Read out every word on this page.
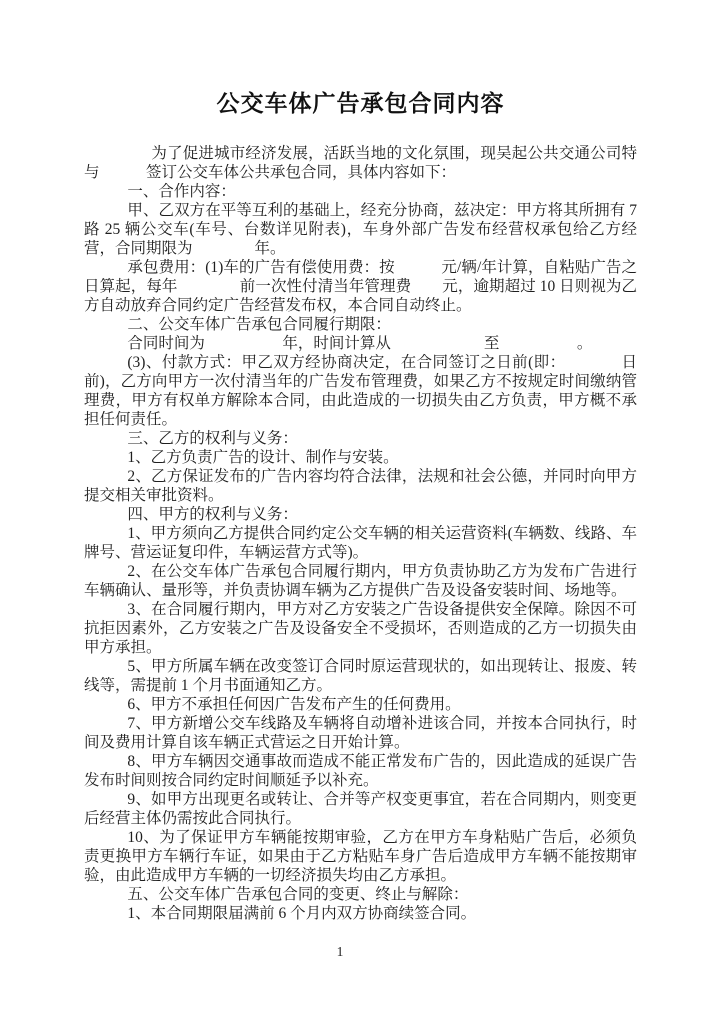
公交车体广告承包合同内容

为了促进城市经济发展，活跃当地的文化氛围，现吴起公共交通公司特与　　　签订公交车体公共承包合同，具体内容如下：

一、合作内容：

甲、乙双方在平等互利的基础上，经充分协商，兹决定：甲方将其所拥有 7 路 25 辆公交车(车号、台数详见附表)，车身外部广告发布经营权承包给乙方经营，合同期限为　　　　年。

承包费用：(1)车的广告有偿使用费：按　　　元/辆/年计算，自粘贴广告之日算起，每年　　　　前一次性付清当年管理费　　元，逾期超过 10 日则视为乙方自动放弃合同约定广告经营发布权，本合同自动终止。

二、公交车体广告承包合同履行期限：

合同时间为　　　　　年，时间计算从　　　　　　至　　　　　。

(3)、付款方式：甲乙双方经协商决定，在合同签订之日前(即：　　　　日前)，乙方向甲方一次付清当年的广告发布管理费，如果乙方不按规定时间缴纳管理费，甲方有权单方解除本合同，由此造成的一切损失由乙方负责，甲方概不承担任何责任。

三、乙方的权利与义务：

1、乙方负责广告的设计、制作与安装。

2、乙方保证发布的广告内容均符合法律，法规和社会公德，并同时向甲方提交相关审批资料。

四、甲方的权利与义务：

1、甲方须向乙方提供合同约定公交车辆的相关运营资料(车辆数、线路、车牌号、营运证复印件，车辆运营方式等)。

2、在公交车体广告承包合同履行期内，甲方负责协助乙方为发布广告进行车辆确认、量形等，并负责协调车辆为乙方提供广告及设备安装时间、场地等。

3、在合同履行期内，甲方对乙方安装之广告设备提供安全保障。除因不可抗拒因素外，乙方安装之广告及设备安全不受损坏，否则造成的乙方一切损失由甲方承担。

5、甲方所属车辆在改变签订合同时原运营现状的，如出现转让、报废、转线等，需提前 1 个月书面通知乙方。

6、甲方不承担任何因广告发布产生的任何费用。

7、甲方新增公交车线路及车辆将自动增补进该合同，并按本合同执行，时间及费用计算自该车辆正式营运之日开始计算。

8、甲方车辆因交通事故而造成不能正常发布广告的，因此造成的延误广告发布时间则按合同约定时间顺延予以补充。

9、如甲方出现更名或转让、合并等产权变更事宜，若在合同期内，则变更后经营主体仍需按此合同执行。

10、为了保证甲方车辆能按期审验，乙方在甲方车身粘贴广告后，必须负责更换甲方车辆行车证，如果由于乙方粘贴车身广告后造成甲方车辆不能按期审验，由此造成甲方车辆的一切经济损失均由乙方承担。

五、公交车体广告承包合同的变更、终止与解除：

1、本合同期限届满前 6 个月内双方协商续签合同。

1
